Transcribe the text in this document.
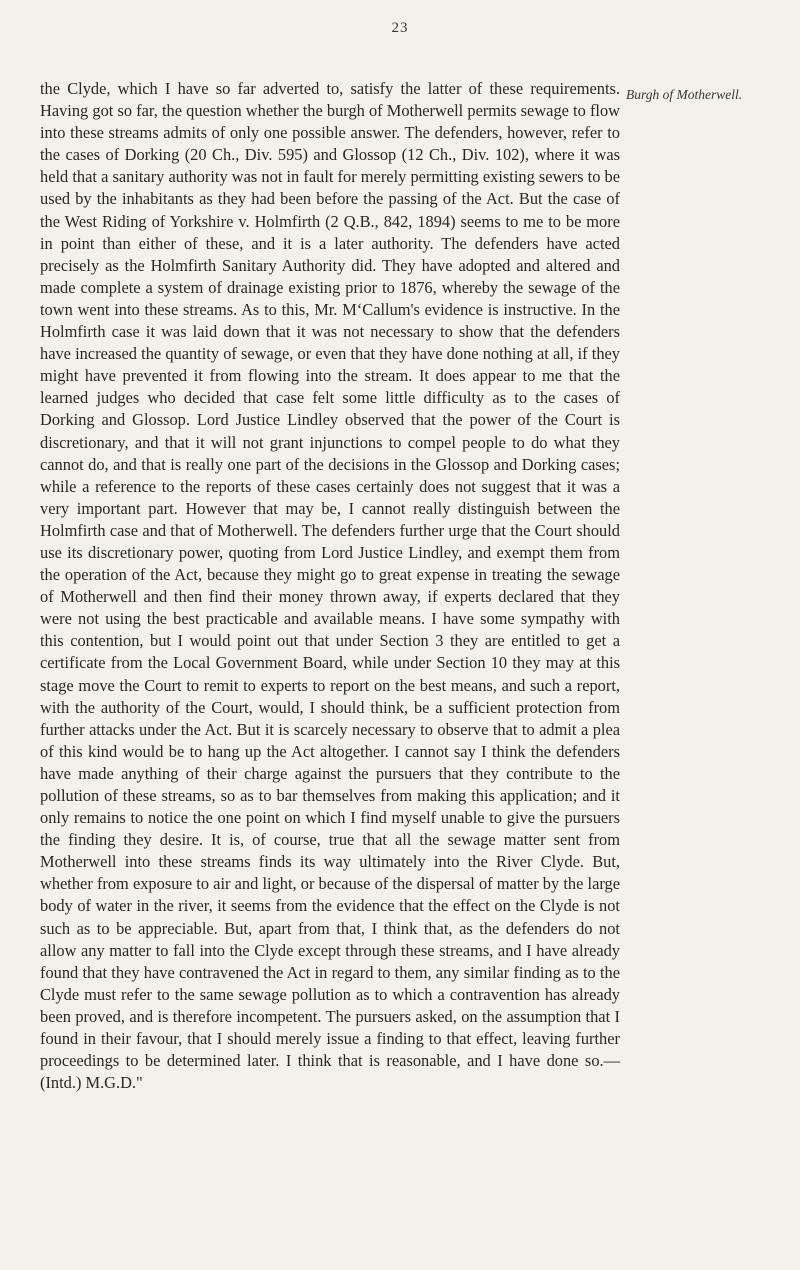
23
Burgh of Motherwell.

the Clyde, which I have so far adverted to, satisfy the latter of these requirements. Having got so far, the question whether the burgh of Motherwell permits sewage to flow into these streams admits of only one possible answer. The defenders, however, refer to the cases of Dorking (20 Ch., Div. 595) and Glossop (12 Ch., Div. 102), where it was held that a sanitary authority was not in fault for merely permitting existing sewers to be used by the inhabitants as they had been before the passing of the Act. But the case of the West Riding of Yorkshire v. Holmfirth (2 Q.B., 842, 1894) seems to me to be more in point than either of these, and it is a later authority. The defenders have acted precisely as the Holmfirth Sanitary Authority did. They have adopted and altered and made complete a system of drainage existing prior to 1876, whereby the sewage of the town went into these streams. As to this, Mr. M‘Callum's evidence is instructive. In the Holmfirth case it was laid down that it was not necessary to show that the defenders have increased the quantity of sewage, or even that they have done nothing at all, if they might have prevented it from flowing into the stream. It does appear to me that the learned judges who decided that case felt some little difficulty as to the cases of Dorking and Glossop. Lord Justice Lindley observed that the power of the Court is discretionary, and that it will not grant injunctions to compel people to do what they cannot do, and that is really one part of the decisions in the Glossop and Dorking cases; while a reference to the reports of these cases certainly does not suggest that it was a very important part. However that may be, I cannot really distinguish between the Holmfirth case and that of Motherwell. The defenders further urge that the Court should use its discretionary power, quoting from Lord Justice Lindley, and exempt them from the operation of the Act, because they might go to great expense in treating the sewage of Motherwell and then find their money thrown away, if experts declared that they were not using the best practicable and available means. I have some sympathy with this contention, but I would point out that under Section 3 they are entitled to get a certificate from the Local Government Board, while under Section 10 they may at this stage move the Court to remit to experts to report on the best means, and such a report, with the authority of the Court, would, I should think, be a sufficient protection from further attacks under the Act. But it is scarcely necessary to observe that to admit a plea of this kind would be to hang up the Act altogether. I cannot say I think the defenders have made anything of their charge against the pursuers that they contribute to the pollution of these streams, so as to bar themselves from making this application; and it only remains to notice the one point on which I find myself unable to give the pursuers the finding they desire. It is, of course, true that all the sewage matter sent from Motherwell into these streams finds its way ultimately into the River Clyde. But, whether from exposure to air and light, or because of the dispersal of matter by the large body of water in the river, it seems from the evidence that the effect on the Clyde is not such as to be appreciable. But, apart from that, I think that, as the defenders do not allow any matter to fall into the Clyde except through these streams, and I have already found that they have contravened the Act in regard to them, any similar finding as to the Clyde must refer to the same sewage pollution as to which a contravention has already been proved, and is therefore incompetent. The pursuers asked, on the assumption that I found in their favour, that I should merely issue a finding to that effect, leaving further proceedings to be determined later. I think that is reasonable, and I have done so.—(Intd.) M.G.D."
